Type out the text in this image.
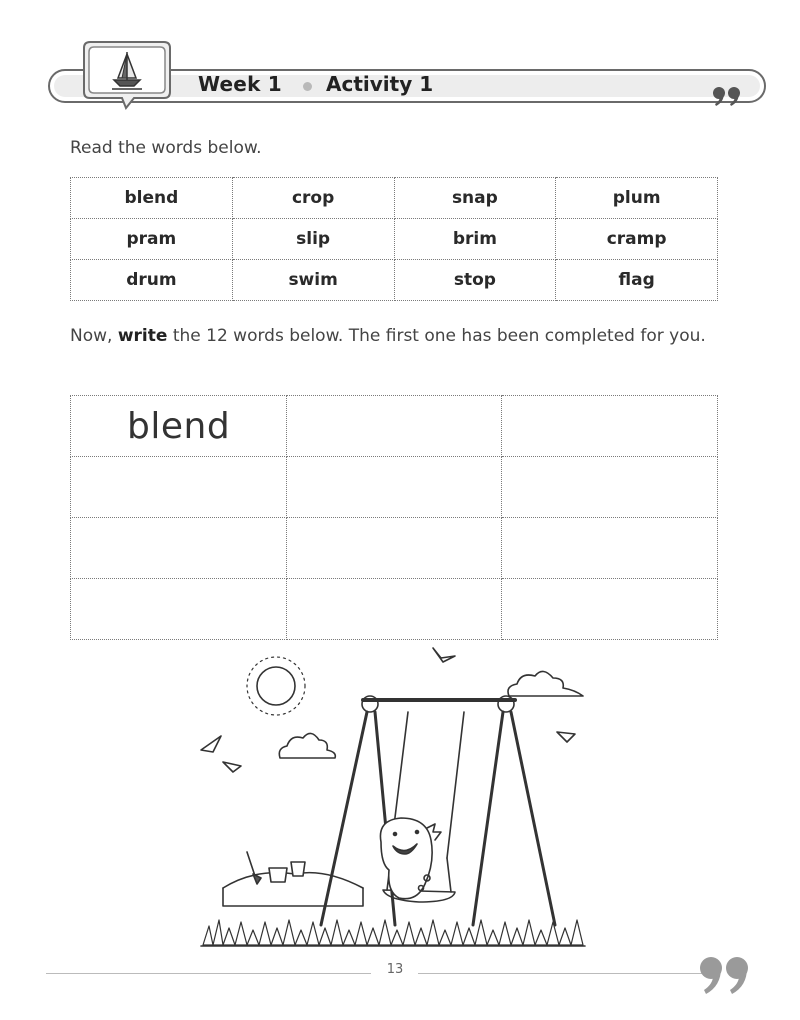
Week 1 Activity 1
Read the words below.
blend	crop	snap	plum
pram	slip	brim	cramp
drum	swim	stop	flag
Now, write the 12 words below. The first one has been completed for you.
blend		

13
